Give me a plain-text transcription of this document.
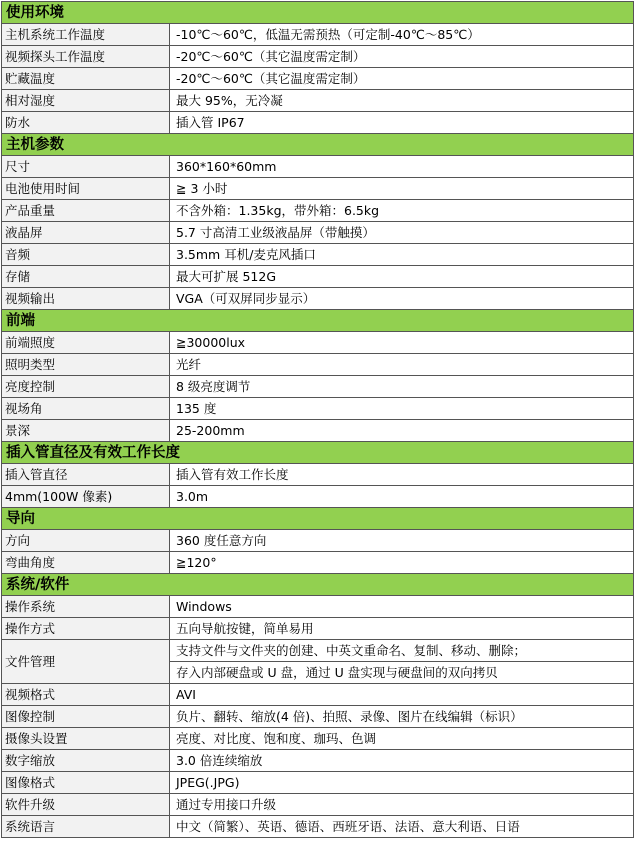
使用环境	
主机系统工作温度	-10℃～60℃，低温无需预热（可定制-40℃～85℃）
视频探头工作温度	-20℃～60℃（其它温度需定制）
贮藏温度	-20℃～60℃（其它温度需定制）
相对湿度	最大 95%，无冷凝
防水	插入管 IP67
主机参数	
尺寸	360*160*60mm
电池使用时间	≧ 3 小时
产品重量	不含外箱：1.35kg，带外箱：6.5kg
液晶屏	5.7 寸高清工业级液晶屏（带触摸）
音频	3.5mm 耳机/麦克风插口
存储	最大可扩展 512G
视频输出	VGA（可双屏同步显示）
前端	
前端照度	≧30000lux
照明类型	光纤
亮度控制	8 级亮度调节
视场角	135 度
景深	25-200mm
插入管直径及有效工作长度	
插入管直径	插入管有效工作长度
4mm(100W 像素)	3.0m
导向	
方向	360 度任意方向
弯曲角度	≧120°
系统/软件	
操作系统	Windows
操作方式	五向导航按键，简单易用
文件管理	支持文件与文件夹的创建、中英文重命名、复制、移动、删除；
	存入内部硬盘或 U 盘，通过 U 盘实现与硬盘间的双向拷贝
视频格式	AVI
图像控制	负片、翻转、缩放(4 倍)、拍照、录像、图片在线编辑（标识）
摄像头设置	亮度、对比度、饱和度、珈玛、色调
数字缩放	3.0 倍连续缩放
图像格式	JPEG(.JPG)
软件升级	通过专用接口升级
系统语言	中文（简繁）、英语、德语、西班牙语、法语、意大利语、日语
